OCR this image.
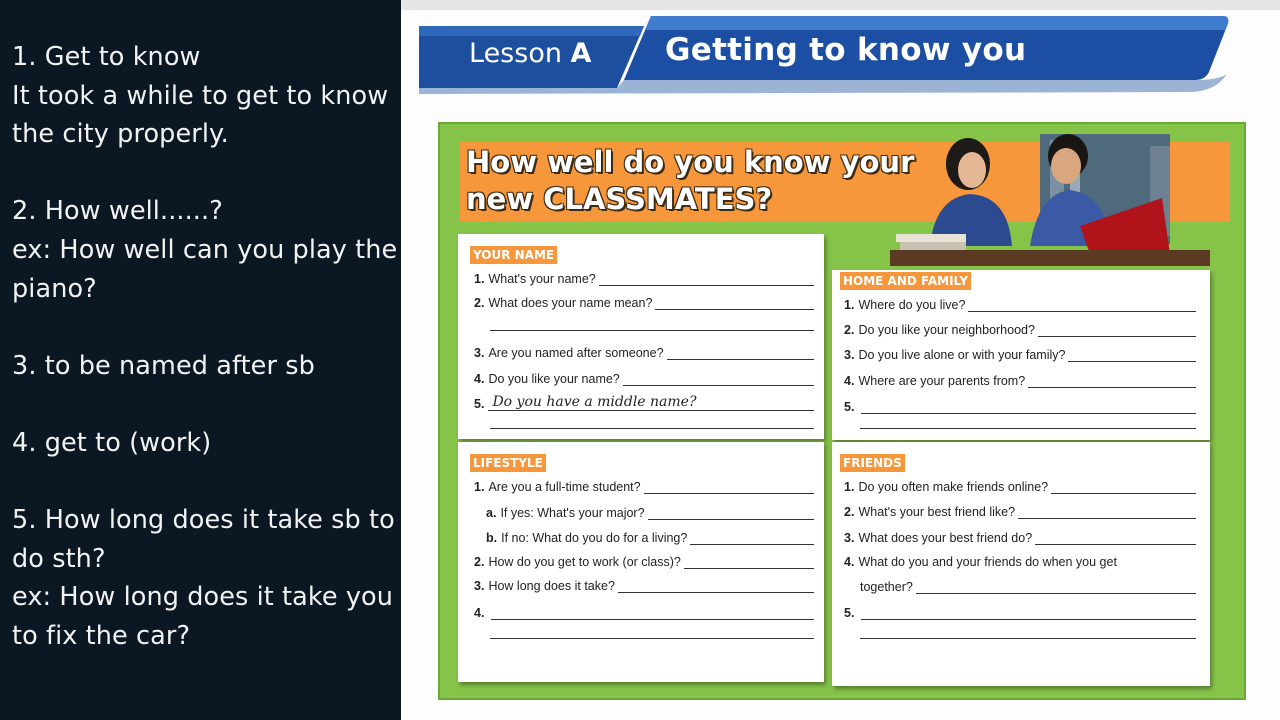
1. Get to know
It took a while to get to know
the city properly.
2. How well......?
ex: How well can you play the
piano?
3. to be named after sb
4. get to (work)
5. How long does it take sb to
do sth?
ex: How long does it take you
to fix the car?
Lesson A Getting to know you
How well do you know your
new CLASSMATES?
YOUR NAME
1. What's your name?
2. What does your name mean?
3. Are you named after someone?
4. Do you like your name?
5. Do you have a middle name?
HOME AND FAMILY
1. Where do you live?
2. Do you like your neighborhood?
3. Do you live alone or with your family?
4. Where are your parents from?
5.
LIFESTYLE
1. Are you a full-time student?
a. If yes: What's your major?
b. If no: What do you do for a living?
2. How do you get to work (or class)?
3. How long does it take?
4.
FRIENDS
1. Do you often make friends online?
2. What's your best friend like?
3. What does your best friend do?
4. What do you and your friends do when you get
together?
5.
